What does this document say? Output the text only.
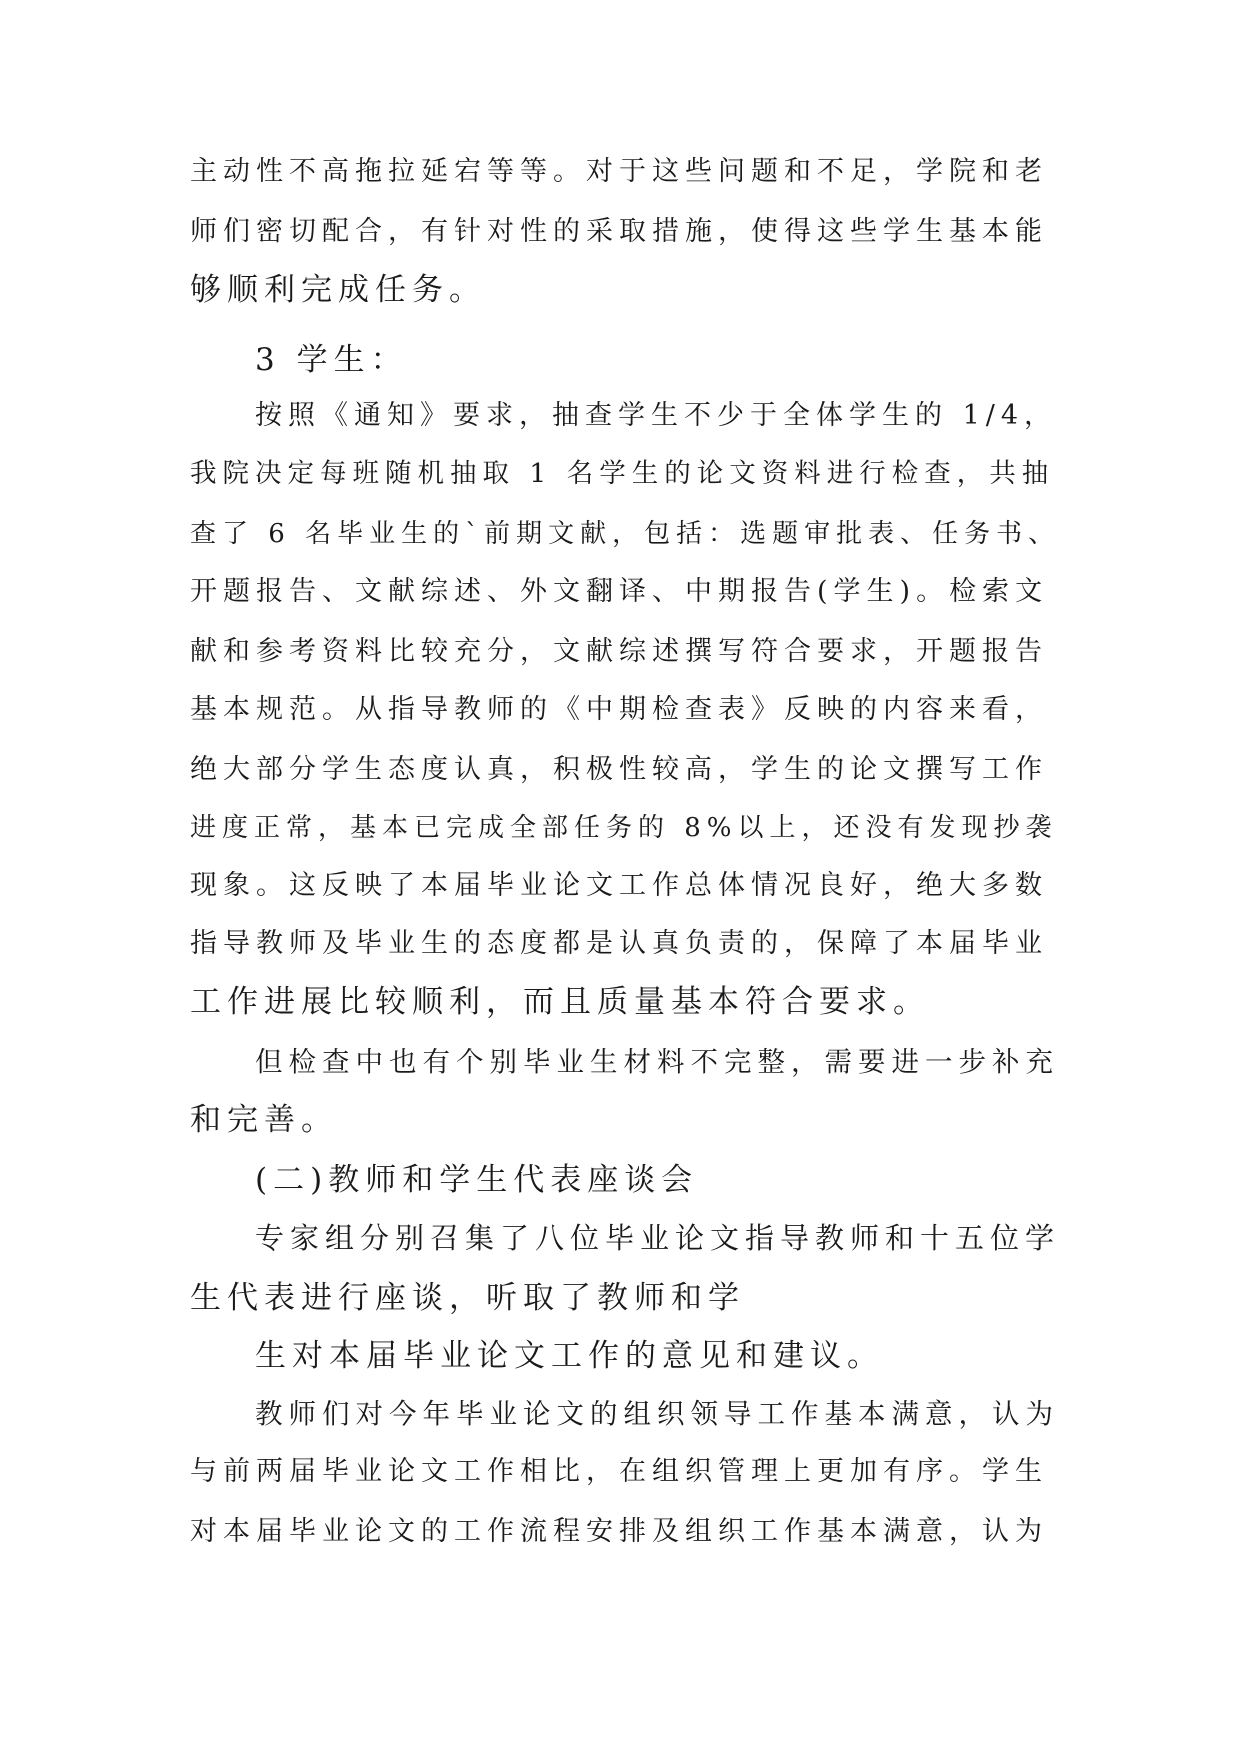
主动性不高拖拉延宕等等。对于这些问题和不足，学院和老
师们密切配合，有针对性的采取措施，使得这些学生基本能
够顺利完成任务。
3 学生：
按照《通知》要求，抽查学生不少于全体学生的 1/4，
我院决定每班随机抽取 1 名学生的论文资料进行检查，共抽
查了 6 名毕业生的`前期文献，包括：选题审批表、任务书、
开题报告、文献综述、外文翻译、中期报告(学生)。检索文
献和参考资料比较充分，文献综述撰写符合要求，开题报告
基本规范。从指导教师的《中期检查表》反映的内容来看，
绝大部分学生态度认真，积极性较高，学生的论文撰写工作
进度正常，基本已完成全部任务的 8%以上，还没有发现抄袭
现象。这反映了本届毕业论文工作总体情况良好，绝大多数
指导教师及毕业生的态度都是认真负责的，保障了本届毕业
工作进展比较顺利，而且质量基本符合要求。
但检查中也有个别毕业生材料不完整，需要进一步补充
和完善。
(二)教师和学生代表座谈会
专家组分别召集了八位毕业论文指导教师和十五位学
生代表进行座谈，听取了教师和学
生对本届毕业论文工作的意见和建议。
教师们对今年毕业论文的组织领导工作基本满意，认为
与前两届毕业论文工作相比，在组织管理上更加有序。学生
对本届毕业论文的工作流程安排及组织工作基本满意，认为
